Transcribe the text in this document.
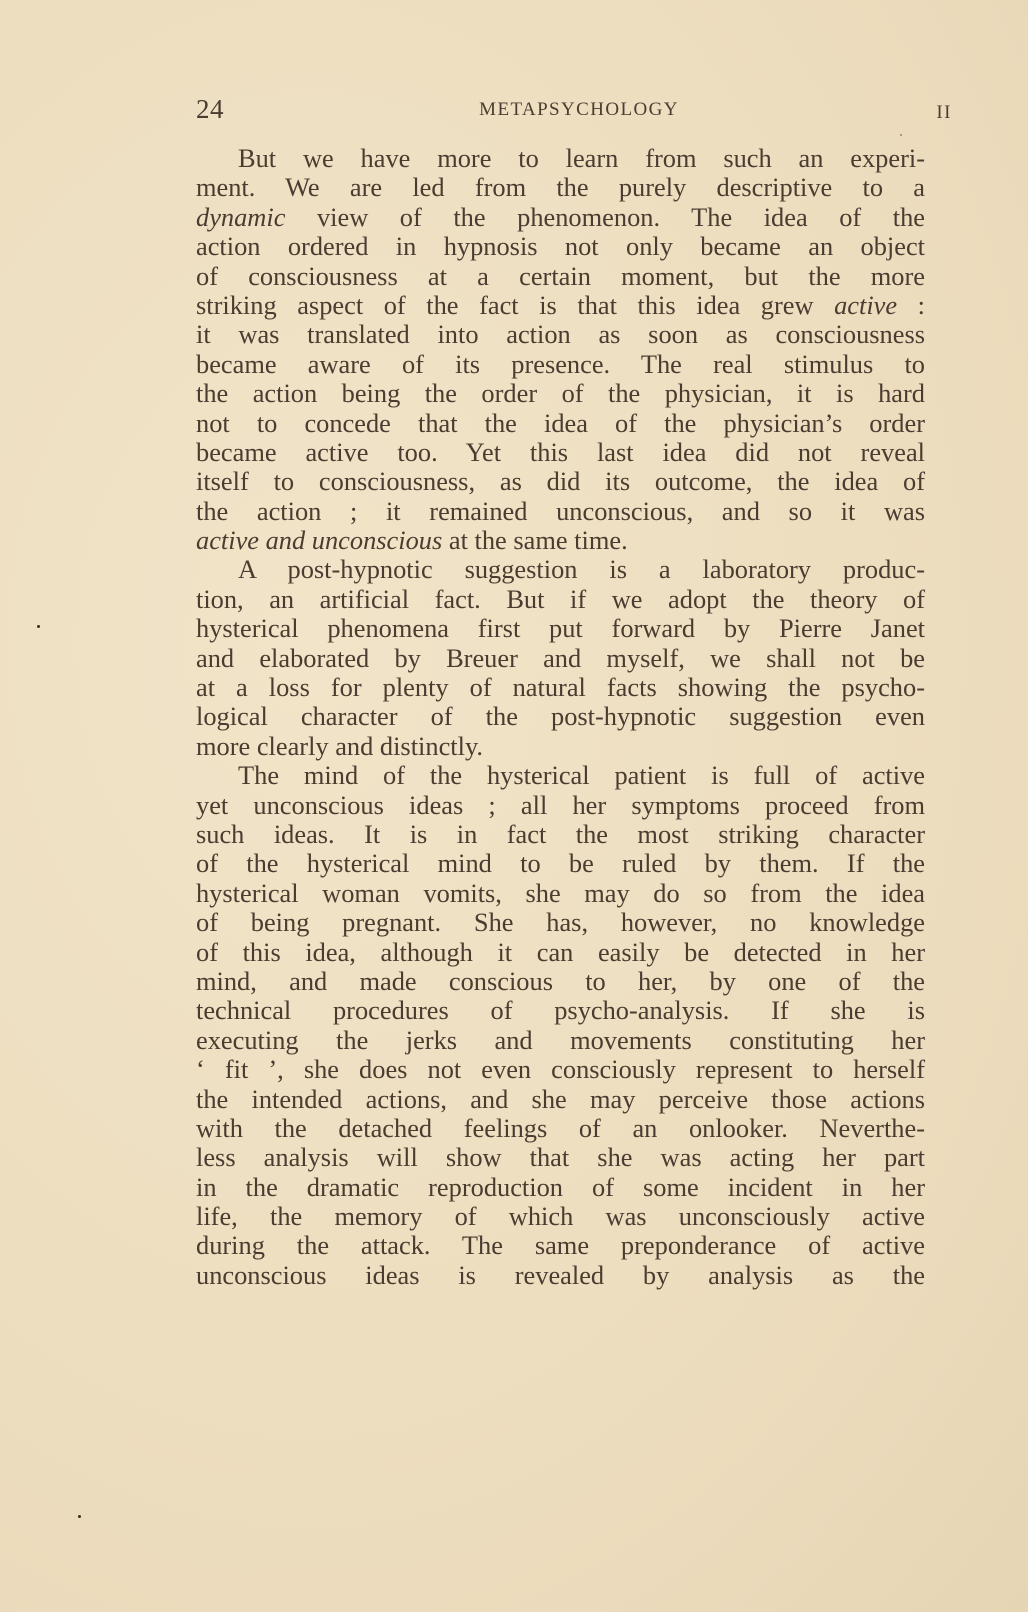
24	METAPSYCHOLOGY	II
But we have more to learn from such an experi-
ment. We are led from the purely descriptive to a
dynamic view of the phenomenon. The idea of the
action ordered in hypnosis not only became an object
of consciousness at a certain moment, but the more
striking aspect of the fact is that this idea grew active :
it was translated into action as soon as consciousness
became aware of its presence. The real stimulus to
the action being the order of the physician, it is hard
not to concede that the idea of the physician’s order
became active too. Yet this last idea did not reveal
itself to consciousness, as did its outcome, the idea of
the action ; it remained unconscious, and so it was
active and unconscious at the same time.
A post-hypnotic suggestion is a laboratory produc-
tion, an artificial fact. But if we adopt the theory of
hysterical phenomena first put forward by Pierre Janet
and elaborated by Breuer and myself, we shall not be
at a loss for plenty of natural facts showing the psycho-
logical character of the post-hypnotic suggestion even
more clearly and distinctly.
The mind of the hysterical patient is full of active
yet unconscious ideas ; all her symptoms proceed from
such ideas. It is in fact the most striking character
of the hysterical mind to be ruled by them. If the
hysterical woman vomits, she may do so from the idea
of being pregnant. She has, however, no knowledge
of this idea, although it can easily be detected in her
mind, and made conscious to her, by one of the
technical procedures of psycho-analysis. If she is
executing the jerks and movements constituting her
‘ fit ’, she does not even consciously represent to herself
the intended actions, and she may perceive those actions
with the detached feelings of an onlooker. Neverthe-
less analysis will show that she was acting her part
in the dramatic reproduction of some incident in her
life, the memory of which was unconsciously active
during the attack. The same preponderance of active
unconscious ideas is revealed by analysis as the
